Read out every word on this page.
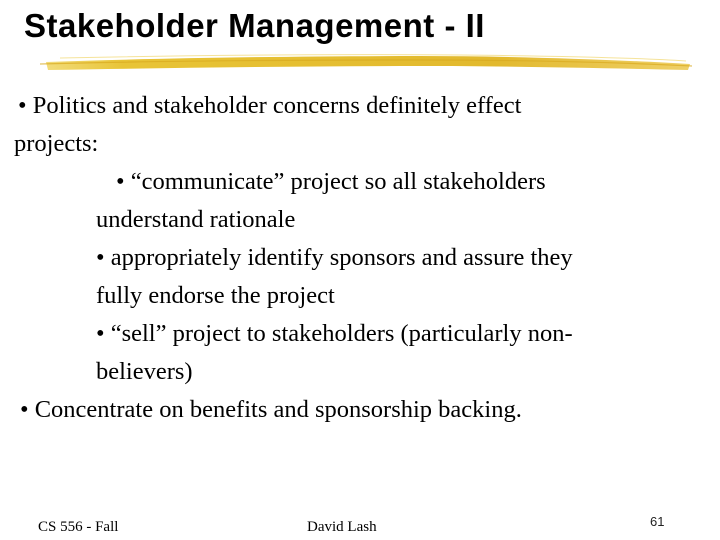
Stakeholder Management - II
• Politics and stakeholder concerns definitely effect
projects:
• “communicate” project so all stakeholders
understand rationale
• appropriately identify sponsors and assure they
fully endorse the project
• “sell” project to stakeholders (particularly non-
believers)
• Concentrate on benefits and sponsorship backing.
CS 556 - Fall	David Lash	61
